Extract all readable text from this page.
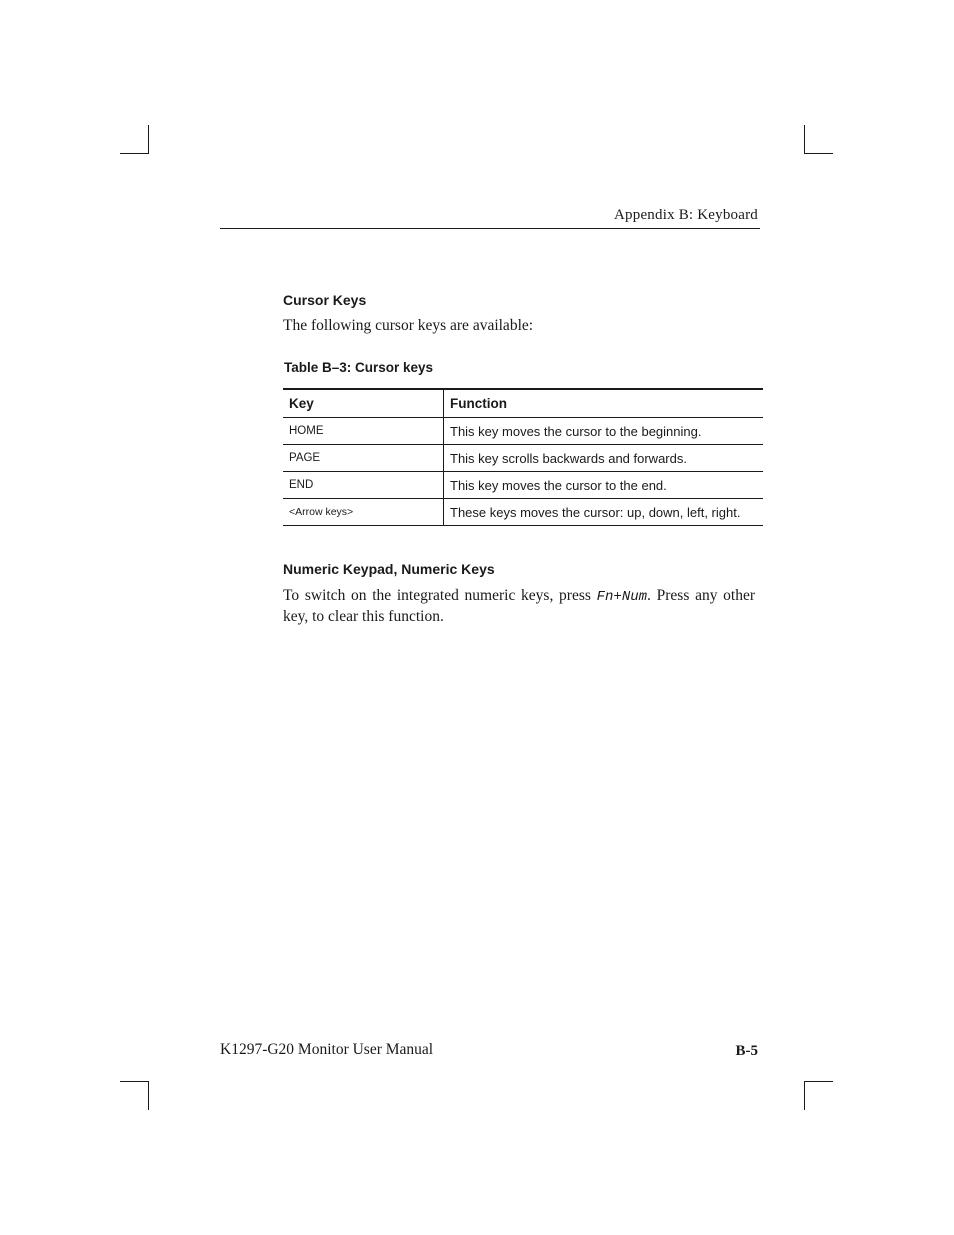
Appendix B: Keyboard
Cursor Keys
The following cursor keys are available:
Table B–3: Cursor keys
Key	Function
HOME	This key moves the cursor to the beginning.
PAGE	This key scrolls backwards and forwards.
END	This key moves the cursor to the end.
<Arrow keys>	These keys moves the cursor: up, down, left, right.
Numeric Keypad, Numeric Keys
To switch on the integrated numeric keys, press Fn+Num. Press any other key, to clear this function.
K1297-G20 Monitor User Manual	B-5
